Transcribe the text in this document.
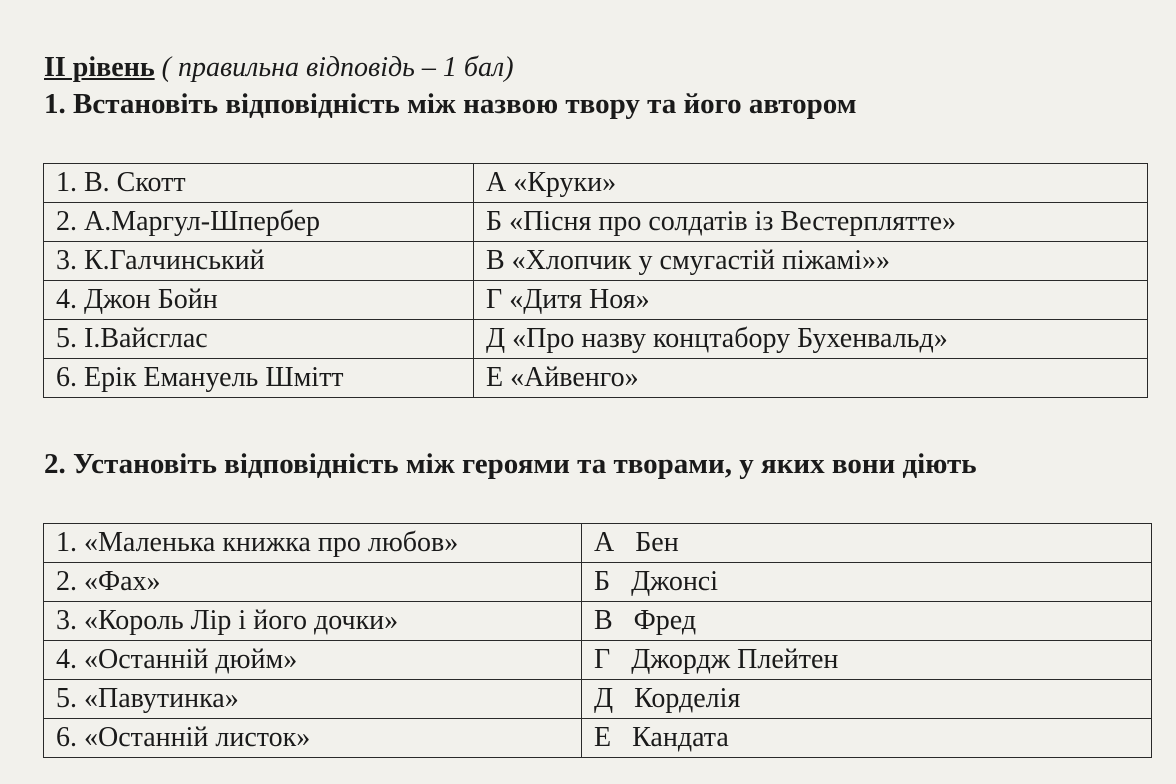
ІІ рівень ( правильна відповідь – 1 бал)
1. Встановіть відповідність між назвою твору та його автором
1. В. Скотт	А «Круки»
2. А.Маргул-Шпербер	Б «Пісня про солдатів із Вестерплятте»
3. К.Галчинський	В «Хлопчик у смугастій піжамі»»
4. Джон Бойн	Г «Дитя Ноя»
5. І.Вайсглас	Д «Про назву концтабору Бухенвальд»
6. Ерік Емануель Шмітт	Е «Айвенго»
2. Установіть відповідність між героями та творами, у яких вони діють
1. «Маленька книжка про любов»	А   Бен
2. «Фах»	Б   Джонсі
3. «Король Лір і його дочки»	В   Фред
4. «Останній дюйм»	Г   Джордж Плейтен
5. «Павутинка»	Д   Корделія
6. «Останній листок»	Е   Кандата
